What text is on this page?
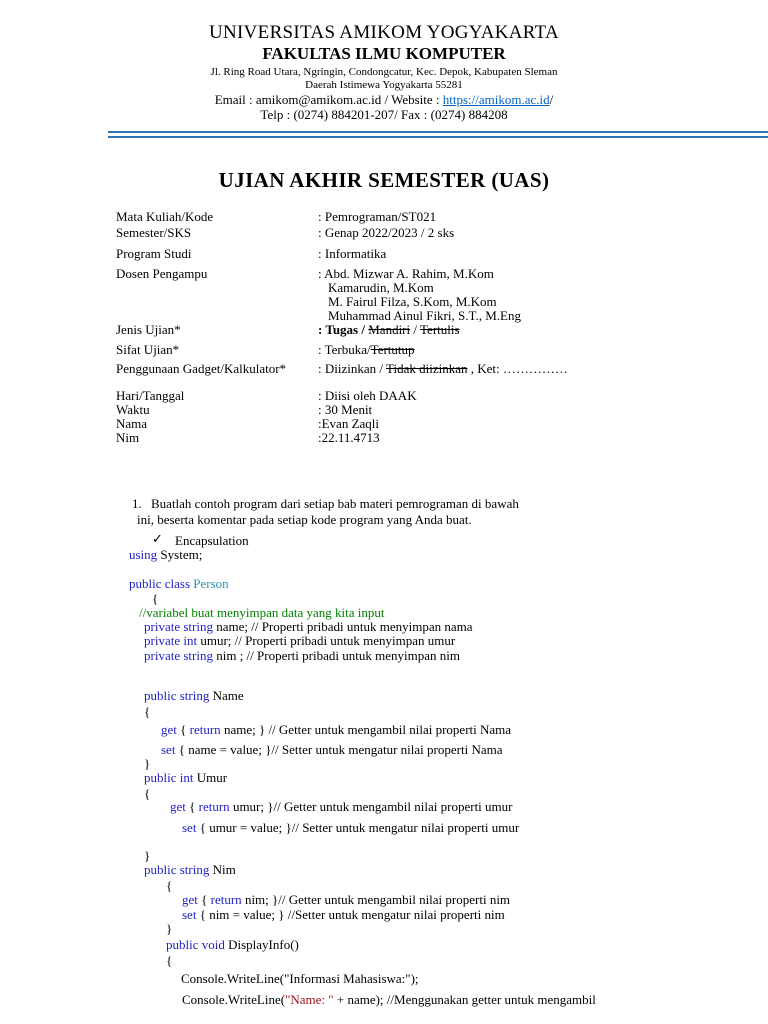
UNIVERSITAS AMIKOM YOGYAKARTA
FAKULTAS ILMU KOMPUTER
Jl. Ring Road Utara, Ngringin, Condongcatur, Kec. Depok, Kabupaten Sleman
Daerah Istimewa Yogyakarta 55281
Email : amikom@amikom.ac.id / Website : https://amikom.ac.id/
Telp : (0274) 884201-207/ Fax : (0274) 884208
UJIAN AKHIR SEMESTER (UAS)
Mata Kuliah/Kode	: Pemrograman/ST021
Semester/SKS	: Genap 2022/2023 / 2 sks
Program Studi	: Informatika
Dosen Pengampu	: Abd. Mizwar A. Rahim, M.Kom
Kamarudin, M.Kom
M. Fairul Filza, S.Kom, M.Kom
Muhammad Ainul Fikri, S.T., M.Eng
Jenis Ujian*	: Tugas / Mandiri / Tertulis
Sifat Ujian*	: Terbuka/Tertutup
Penggunaan Gadget/Kalkulator* : Diizinkan / Tidak diizinkan , Ket: ……………
Hari/Tanggal	: Diisi oleh DAAK
Waktu	: 30 Menit
Nama	:Evan Zaqli
Nim	:22.11.4713
1. Buatlah contoh program dari setiap bab materi pemrograman di bawah
ini, beserta komentar pada setiap kode program yang Anda buat.
✓ Encapsulation
using System;
public class Person
{
//variabel buat menyimpan data yang kita input
private string name; // Properti pribadi untuk menyimpan nama
private int umur; // Properti pribadi untuk menyimpan umur
private string nim ; // Properti pribadi untuk menyimpan nim
public string Name
{
get { return name; } // Getter untuk mengambil nilai properti Nama
set { name = value; }// Setter untuk mengatur nilai properti Nama
}
public int Umur
{
get { return umur; }// Getter untuk mengambil nilai properti umur
set { umur = value; }// Setter untuk mengatur nilai properti umur
}
public string Nim
{
get { return nim; }// Getter untuk mengambil nilai properti nim
set { nim = value; } //Setter untuk mengatur nilai properti nim
}
public void DisplayInfo()
{
Console.WriteLine("Informasi Mahasiswa:");
Console.WriteLine("Name: " + name); //Menggunakan getter untuk mengambil
